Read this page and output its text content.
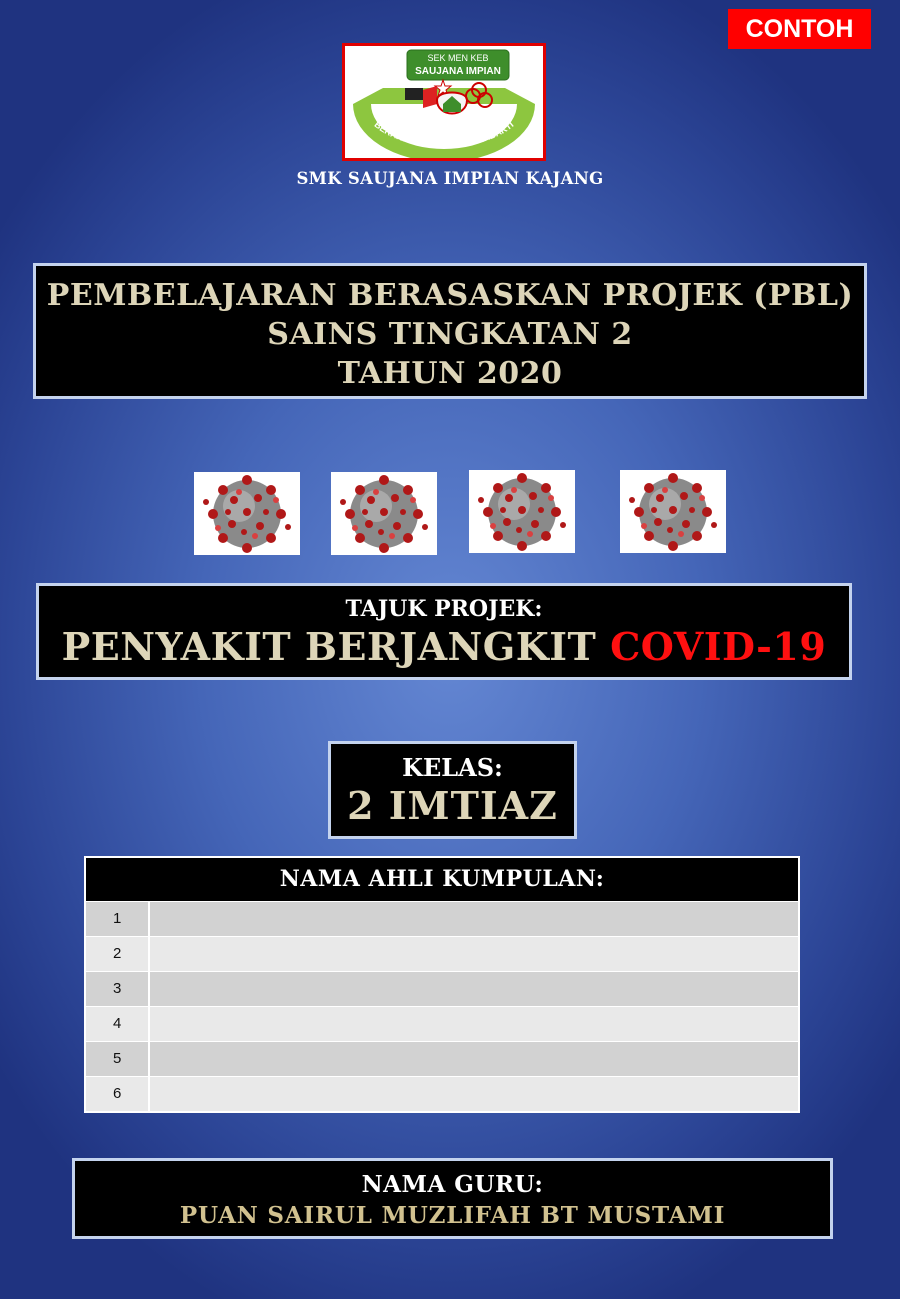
CONTOH
SEK MEN KEB
SAUJANA IMPIAN
BERAKHLAK BERILMU BERBAKTI
SMK SAUJANA IMPIAN KAJANG
PEMBELAJARAN BERASASKAN PROJEK (PBL)
SAINS TINGKATAN 2
TAHUN 2020
TAJUK PROJEK:
PENYAKIT BERJANGKIT COVID-19
KELAS:
2 IMTIAZ
NAMA AHLI KUMPULAN:
1
2
3
4
5
6
NAMA GURU:
PUAN SAIRUL MUZLIFAH BT MUSTAMI
